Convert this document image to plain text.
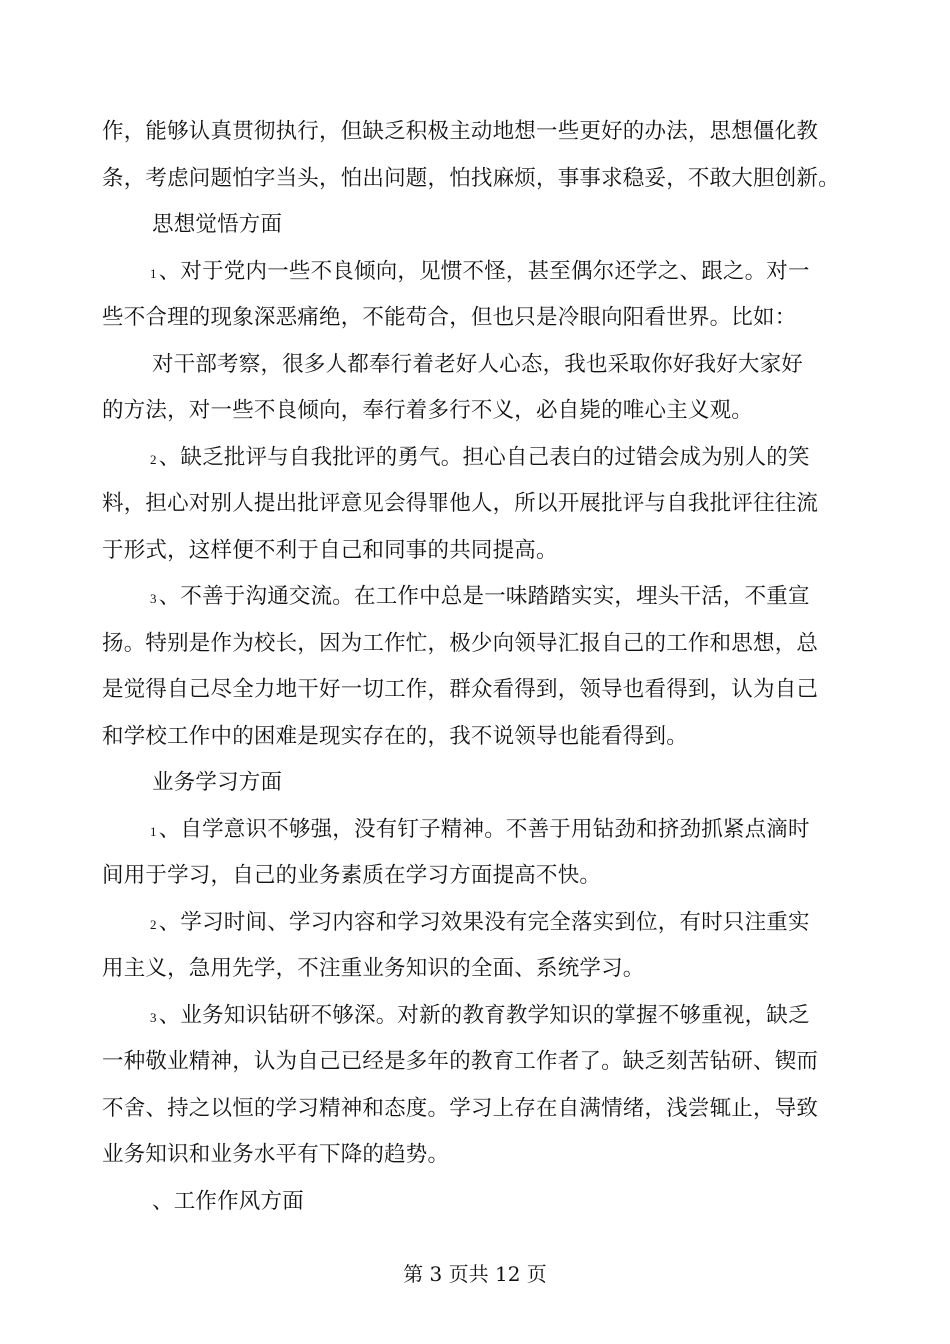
作，能够认真贯彻执行，但缺乏积极主动地想一些更好的办法，思想僵化教
条，考虑问题怕字当头，怕出问题，怕找麻烦，事事求稳妥，不敢大胆创新。
思想觉悟方面
1、对于党内一些不良倾向，见惯不怪，甚至偶尔还学之、跟之。对一
些不合理的现象深恶痛绝，不能苟合，但也只是冷眼向阳看世界。比如：
对干部考察，很多人都奉行着老好人心态，我也采取你好我好大家好
的方法，对一些不良倾向，奉行着多行不义，必自毙的唯心主义观。
2、缺乏批评与自我批评的勇气。担心自己表白的过错会成为别人的笑
料，担心对别人提出批评意见会得罪他人，所以开展批评与自我批评往往流
于形式，这样便不利于自己和同事的共同提高。
3、不善于沟通交流。在工作中总是一味踏踏实实，埋头干活，不重宣
扬。特别是作为校长，因为工作忙，极少向领导汇报自己的工作和思想，总
是觉得自己尽全力地干好一切工作，群众看得到，领导也看得到，认为自己
和学校工作中的困难是现实存在的，我不说领导也能看得到。
业务学习方面
1、自学意识不够强，没有钉子精神。不善于用钻劲和挤劲抓紧点滴时
间用于学习，自己的业务素质在学习方面提高不快。
2、学习时间、学习内容和学习效果没有完全落实到位，有时只注重实
用主义，急用先学，不注重业务知识的全面、系统学习。
3、业务知识钻研不够深。对新的教育教学知识的掌握不够重视，缺乏
一种敬业精神，认为自己已经是多年的教育工作者了。缺乏刻苦钻研、锲而
不舍、持之以恒的学习精神和态度。学习上存在自满情绪，浅尝辄止，导致
业务知识和业务水平有下降的趋势。
、工作作风方面
第 3 页共 12 页
